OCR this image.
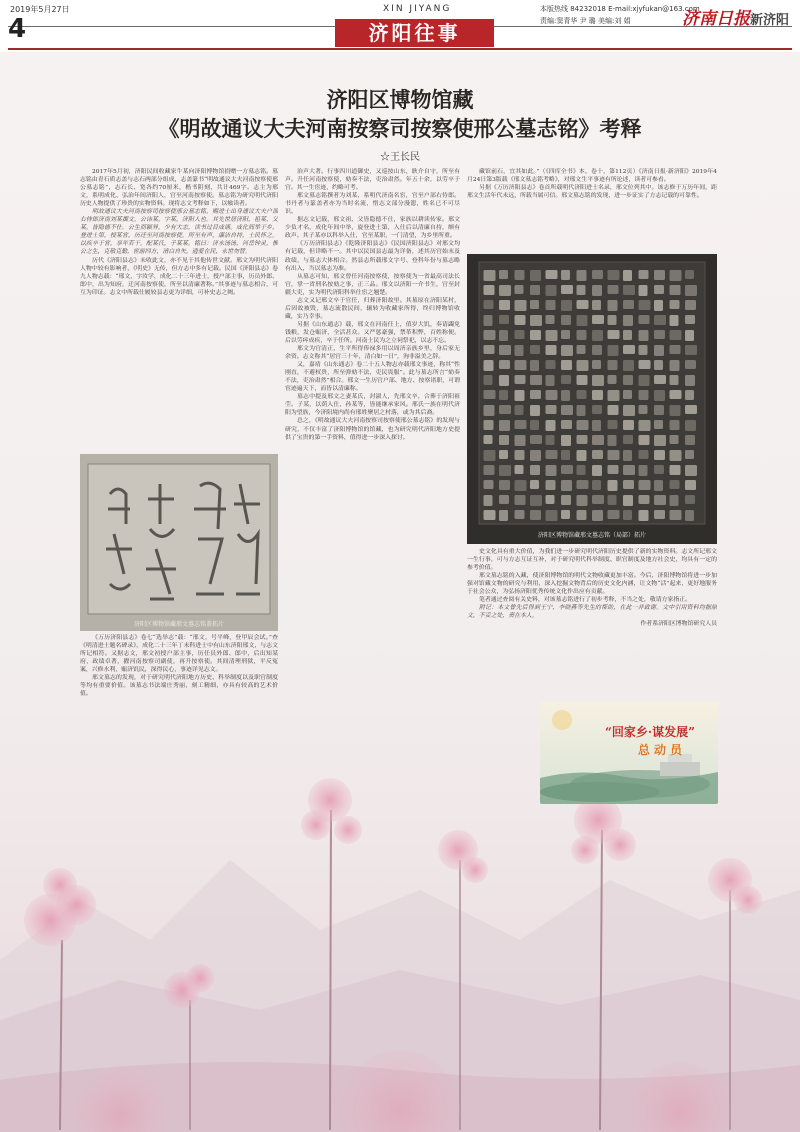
2019年5月27日
4
XIN JIYANG
济阳往事
本版热线 84232018 E-mail:xjyfukan@163.com
责编:窦青华 尹 璐 美编:刘 娟	济南日报新济阳
济阳区博物馆藏
《明故通议大夫河南按察司按察使邢公墓志铭》考释
☆王长民

2017年5月初，济阳民间收藏家牛某向济阳博物馆捐赠一方墓志铭。墓志铭由青石质志盖与志石两部分组成，志盖篆书“明故通议大夫河南按察使邢公墓志铭”，志石长、宽各约70厘米，楷书阴刻，共计469字。志主为邢文，系明成化、弘治年间济阳人，官至河南按察使。墓志铭为研究明代济阳历史人物提供了珍贵的实物资料。现将志文考释如下，以飨读者。

明故通议大夫河南按察司按察使邢公墓志铭，赐进士出身通议大夫户部右侍郎济南刘某撰文。公讳某，字某，济阳人也。其先世居济阳，祖某，父某，皆隐德不仕。公生而颖异，少有大志，读书过目成诵。成化间举于乡，登进士第，授某官，历迁至河南按察使。所至有声，廉洁自持，士民怀之。以疾卒于官，享年若干。配某氏，子某某。铭曰：济水汤汤，河岳钟灵，惟公之生，克敬克勤，宦游四方，清白自矢，遗爱在民，永世勿替。

历代《济阳县志》未收此文，亦不见于其他传世文献。邢文为明代济阳人物中较有影响者，《明史》无传，但方志中多有记载。民国《济阳县志》卷九人物志载：“邢文，字汝学，成化二十三年进士，授户部主事，历员外郎、郎中，出为知府，迁河南按察使，所至以清廉著称。”其事迹与墓志相合，可互为印证。志文中所载仕履较县志更为详细，可补史志之阙。

济阳区博物馆藏邢文墓志铭盖拓片

《万历济阳县志》卷七“选举志”载：“邢文，号平峰，登甲辰会试。”查《明清进士题名碑录》，成化二十三年丁未科进士中有山东济阳邢文，与志文所记相符。又据志文，邢文初授户部主事，历任员外郎、郎中，后出知某府，政绩卓著，擢河南按察司副使，再升按察使。其间清理刑狱，平反冤案，兴修水利，赈济饥民，深得民心，事迹详见志文。

邢文墓志的发现，对于研究明代济阳地方历史、科举制度以及职官制度等均有重要价值。该墓志书法端庄秀丽，刻工精细，亦具有较高的艺术价值。

治声大著。行事四川道御史，又巡按山东，耿介自守，所至有声。升任河南按察使，劾奏不法，吏治肃然。年五十余，以劳卒于官。其一生宦迹，约略可考。

邢文墓志铭撰者为刘某，系明代济南名宦，官至户部右侍郎。书丹者与篆盖者亦为当时名流，惜志文部分漫漶，姓名已不可尽识。

据志文记载，邢文祖、父皆隐德不仕，家族以耕读传家。邢文少负才名，成化年间中举，旋登进士第，入仕后以清廉自持，颇有政声。其子某亦以科举入仕，官至某职，一门清望，为乡里所重。

《万历济阳县志》《乾隆济阳县志》《民国济阳县志》对邢文均有记载，但详略不一。其中以民国县志最为详备，述其历官始末及政绩，与墓志大体相合。然县志所载邢文字号、登科年份与墓志略有出入，当以墓志为准。

从墓志可知，邢文曾任河南按察使，按察使为一省最高司法长官，掌一省刑名按劾之事，正三品。邢文以济阳一介书生，官至封疆大吏，实为明代济阳科举仕宦之翘楚。

志文又记邢文卒于官任，归葬济阳故里。其墓原在济阳某村，后因故被毁，墓志流散民间，辗转为收藏家所得，终归博物馆收藏，实乃幸事。

另据《山东通志》载，邢文在河南任上，值岁大饥，奏请蠲免钱粮，发仓赈济，全活甚众。又严惩豪强，禁革积弊，百姓称便。后以劳瘁成疾，卒于任所。河南士民为之立祠祭祀，以志不忘。

邢文为官清正，生平所得俸禄多用以周济亲族乡里，身后家无余资。志文称其“居官三十年，清白如一日”，洵非溢美之辞。

又，嘉靖《山东通志》卷二十五人物志亦载邢文事迹，称其“性刚直，不避权贵，所至弹劾不法，吏民畏服”。此与墓志所言“劾奏不法，吏治肃然”相合。邢文一生历官户部、地方、按察诸职，可谓宦迹遍天下，而皆以清廉称。

墓志中提及邢文之妻某氏，封淑人，先邢文卒，合葬于济阳祖茔。子某，以荫入仕，孙某等，皆能继承家风。邢氏一族在明代济阳为望族，今济阳境内尚有邢姓聚居之村落，或为其后裔。

总之，《明故通议大夫河南按察司按察使邢公墓志铭》的发现与研究，不仅丰富了济阳博物馆的馆藏，也为研究明代济阳地方史提供了宝贵的第一手资料，值得进一步深入探讨。

藏馆前石，宜其如此。”（《四库全书》本，卷十，第112页）《济南日报·新济阳》2019年4月24日第3版载《邢文墓志铭考略》，对邢文生平事迹有所论述，读者可参看。

另据《万历济阳县志》卷首所载明代济阳进士名录，邢文位列其中。该志修于万历年间，距邢文生活年代未远，所载当属可信。邢文墓志铭的发现，进一步证实了方志记载的可靠性。

济阳区博物馆藏邢文墓志铭（局部）拓片

史文化具有重大价值，为我们进一步研究明代济阳历史提供了新的实物资料。志文所记邢文一生行事，可与方志互证互补，对于研究明代科举制度、职官制度及地方社会史，均具有一定的参考价值。

邢文墓志铭的入藏，使济阳博物馆的明代文物收藏更加丰富。今后，济阳博物馆将进一步加强对馆藏文物的研究与利用，深入挖掘文物背后的历史文化内涵，让文物“活”起来，更好地服务于社会公众，为弘扬济阳优秀传统文化作出应有贡献。

笔者通过查阅有关史料，对该墓志铭进行了初步考释，不当之处，敬请方家指正。

附记：本文曾先后得到王宁、李晓燕等先生的帮助，在此一并致谢。文中引用资料均据原文，不妥之处，责在本人。

作者系济阳区博物馆研究人员

“回家乡·谋发展”
总 动 员
